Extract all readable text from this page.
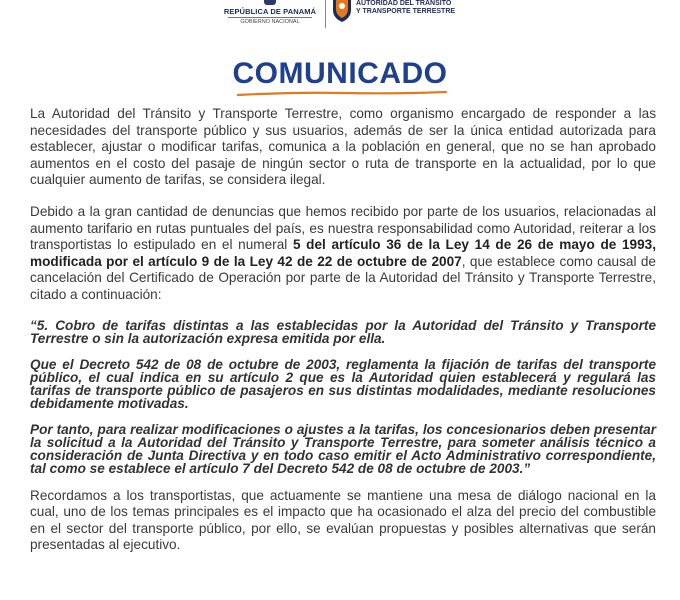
REPÚBLICA DE PANAMÁ
GOBIERNO NACIONAL
AUTORIDAD DEL TRÁNSITO
Y TRANSPORTE TERRESTRE
COMUNICADO

La Autoridad del Tránsito y Transporte Terrestre, como organismo encargado de responder a las necesidades del transporte público y sus usuarios, además de ser la única entidad autorizada para establecer, ajustar o modificar tarifas, comunica a la población en general, que no se han aprobado aumentos en el costo del pasaje de ningún sector o ruta de transporte en la actualidad, por lo que cualquier aumento de tarifas, se considera ilegal.

Debido a la gran cantidad de denuncias que hemos recibido por parte de los usuarios, relacionadas al aumento tarifario en rutas puntuales del país, es nuestra responsabilidad como Autoridad, reiterar a los transportistas lo estipulado en el numeral 5 del artículo 36 de la Ley 14 de 26 de mayo de 1993, modificada por el artículo 9 de la Ley 42 de 22 de octubre de 2007, que establece como causal de cancelación del Certificado de Operación por parte de la Autoridad del Tránsito y Transporte Terrestre, citado a continuación:

“5. Cobro de tarifas distintas a las establecidas por la Autoridad del Tránsito y Transporte Terrestre o sin la autorización expresa emitida por ella.

Que el Decreto 542 de 08 de octubre de 2003, reglamenta la fijación de tarifas del transporte público, el cual indica en su artículo 2 que es la Autoridad quien establecerá y regulará las tarifas de transporte público de pasajeros en sus distintas modalidades, mediante resoluciones debidamente motivadas.

Por tanto, para realizar modificaciones o ajustes a la tarifas, los concesionarios deben presentar la solicitud a la Autoridad del Tránsito y Transporte Terrestre, para someter análisis técnico a consideración de Junta Directiva y en todo caso emitir el Acto Administrativo correspondiente, tal como se establece el artículo 7 del Decreto 542 de 08 de octubre de 2003.”

Recordamos a los transportistas, que actuamente se mantiene una mesa de diálogo nacional en la cual, uno de los temas principales es el impacto que ha ocasionado el alza del precio del combustible en el sector del transporte público, por ello, se evalúan propuestas y posibles alternativas que serán presentadas al ejecutivo.
